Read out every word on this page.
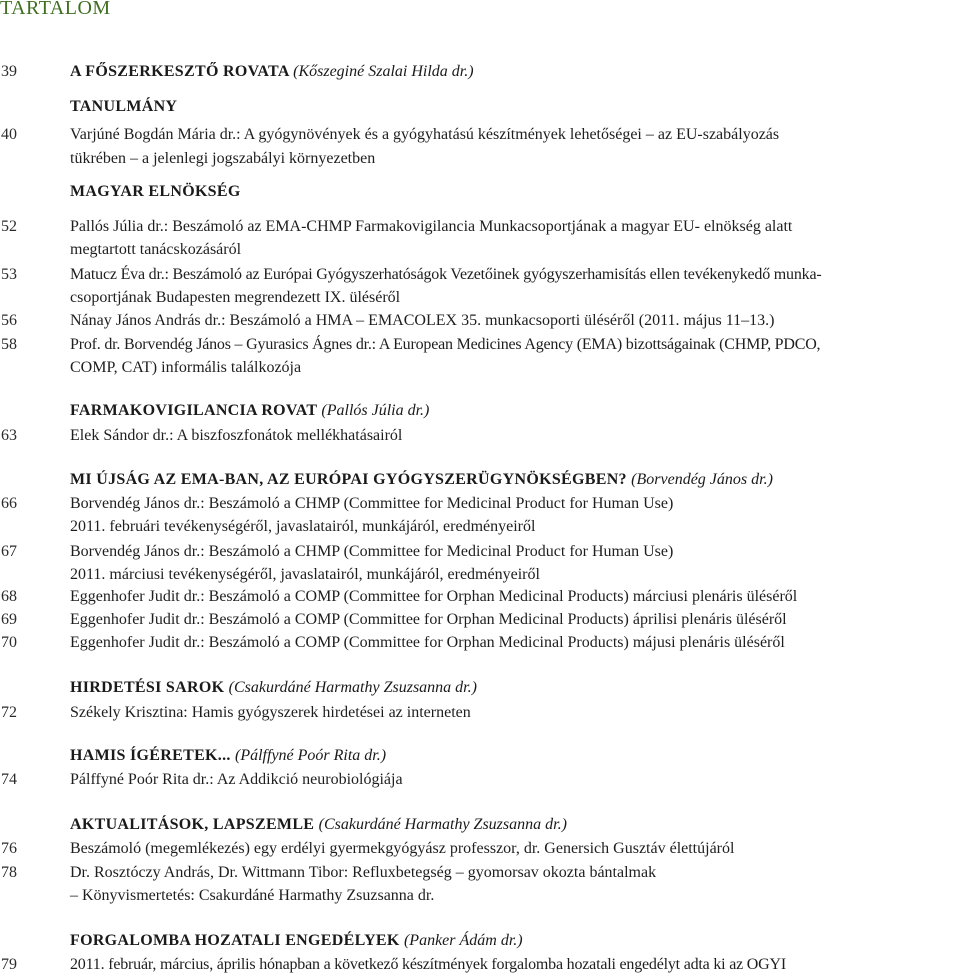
TARTALOM
39	A FŐSZERKESZTŐ ROVATA (Kőszeginé Szalai Hilda dr.)
TANULMÁNY
40	Varjúné Bogdán Mária dr.: A gyógynövények és a gyógyhatású készítmények lehetőségei – az EU-szabályozás
tükrében – a jelenlegi jogszabályi környezetben
MAGYAR ELNÖKSÉG
52	Pallós Júlia dr.: Beszámoló az EMA-CHMP Farmakovigilancia Munkacsoportjának a magyar EU- elnökség alatt
megtartott tanácskozásáról
53	Matucz Éva dr.: Beszámoló az Európai Gyógyszerhatóságok Vezetőinek gyógyszerhamisítás ellen tevékenykedő munka-
csoportjának Budapesten megrendezett IX. üléséről
56	Nánay János András dr.: Beszámoló a HMA – EMACOLEX 35. munkacsoporti üléséről (2011. május 11–13.)
58	Prof. dr. Borvendég János – Gyurasics Ágnes dr.: A European Medicines Agency (EMA) bizottságainak (CHMP, PDCO,
COMP, CAT) informális találkozója
FARMAKOVIGILANCIA ROVAT (Pallós Júlia dr.)
63	Elek Sándor dr.: A biszfoszfonátok mellékhatásairól
MI ÚJSÁG AZ EMA-BAN, AZ EURÓPAI GYÓGYSZERÜGYNÖKSÉGBEN? (Borvendég János dr.)
66	Borvendég János dr.: Beszámoló a CHMP (Committee for Medicinal Product for Human Use)
2011. februári tevékenységéről, javaslatairól, munkájáról, eredményeiről
67	Borvendég János dr.: Beszámoló a CHMP (Committee for Medicinal Product for Human Use)
2011. márciusi tevékenységéről, javaslatairól, munkájáról, eredményeiről
68	Eggenhofer Judit dr.: Beszámoló a COMP (Committee for Orphan Medicinal Products) márciusi plenáris üléséről
69	Eggenhofer Judit dr.: Beszámoló a COMP (Committee for Orphan Medicinal Products) áprilisi plenáris üléséről
70	Eggenhofer Judit dr.: Beszámoló a COMP (Committee for Orphan Medicinal Products) májusi plenáris üléséről
HIRDETÉSI SAROK (Csakurdáné Harmathy Zsuzsanna dr.)
72	Székely Krisztina: Hamis gyógyszerek hirdetései az interneten
HAMIS ÍGÉRETEK... (Pálffyné Poór Rita dr.)
74	Pálffyné Poór Rita dr.: Az Addikció neurobiológiája
AKTUALITÁSOK, LAPSZEMLE (Csakurdáné Harmathy Zsuzsanna dr.)
76	Beszámoló (megemlékezés) egy erdélyi gyermekgyógyász professzor, dr. Genersich Gusztáv élettújáról
78	Dr. Rosztóczy András, Dr. Wittmann Tibor: Refluxbetegség – gyomorsav okozta bántalmak
– Könyvismertetés: Csakurdáné Harmathy Zsuzsanna dr.
FORGALOMBA HOZATALI ENGEDÉLYEK (Panker Ádám dr.)
79	2011. február, március, április hónapban a következő készítmények forgalomba hozatali engedélyt adta ki az OGYI
